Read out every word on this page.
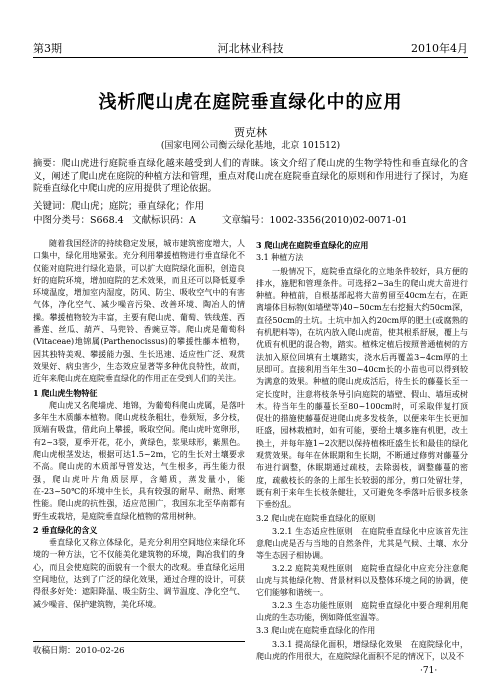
第3期	河北林业科技	2010年4月
浅析爬山虎在庭院垂直绿化中的应用
贾克林
(国家电网公司衡云绿化基地，北京 101512)
摘要：爬山虎进行庭院垂直绿化越来越受到人们的青睐。该文介绍了爬山虎的生物学特性和垂直绿化的含义，阐述了爬山虎在庭院的种植方法和管理，重点对爬山虎在庭院垂直绿化的原则和作用进行了探讨，为庭院垂直绿化中爬山虎的应用提供了理论依据。
关键词：爬山虎；庭院；垂直绿化；作用
中图分类号：S668.4 文献标识码：A	文章编号：1002-3356(2010)02-0071-01

随着我国经济的持续稳定发展，城市建筑密度增大，人口集中，绿化用地紧张。充分利用攀援植物进行垂直绿化不仅能对庭院进行绿化造景，可以扩大庭院绿化面积，创造良好的庭院环境，增加庭院的艺术效果，而且还可以降低夏季环境温度，增加室内湿度，防风、防尘、吸收空气中的有害气体，净化空气、减少噪音污染、改善环境、陶冶人的情操。攀援植物较为丰富，主要有爬山虎、葡萄、铁线莲、西番莲、丝瓜、葫芦、马兜铃、香豌豆等。爬山虎是葡萄科(Vitaceae)地锦属(Parthenocissus)的攀援性藤本植物，因其独特美观、攀援能力强、生长迅速、适应性广泛、观赏效果好、病虫害少，生态效应显著等多种优良特性，故而，近年来爬山虎在庭院垂直绿化的作用正在受到人们的关注。

1 爬山虎生物特征

爬山虎又名爬墙虎、地锦，为葡萄科爬山虎属，是落叶多年生木质藤本植物。爬山虎枝条粗壮，卷须短，多分枝，顶端有吸盘，借此向上攀援，吸取空间。爬山虎叶宽卵形，有2~3裂，夏季开花，花小，黄绿色，浆果球形，紫黑色。爬山虎根茎发达，根据可达1.5~2m，它的生长对土壤要求不高。爬山虎的木质部导管发达，气生根多，再生能力很强，爬山虎叶片角质层厚，含蜡质，蒸发量小，能在-23~50℃的环境中生长，具有较强的耐旱、耐热、耐寒性能。爬山虎的抗性强，适应范围广，我国东北至华南都有野生或栽培，是庭院垂直绿化植物的常用树种。

2 垂直绿化的含义

垂直绿化又称立体绿化，是充分利用空间地位来绿化环境的一种方法，它不仅能美化建筑物的环境，陶冶我们的身心，而且会使庭院的面貌有一个很大的改观。垂直绿化运用空间地位，达到了广泛的绿化效果，通过合理的设计，可获得很多好处：遮阳降温、吸尘防尘、调节温度、净化空气、减少噪音、保护建筑物，美化环境。

收稿日期：2010-02-26
3 爬山虎在庭院垂直绿化的应用
3.1 种植方法

一般情况下，庭院垂直绿化的立地条件较好，具方便的排水，施肥和管理条件。可选择2~3a生的爬山虎大苗进行种植。种植前，自根基部起将大苗剪留至40cm左右，在距离墙体目标物(如墙壁等)40~50cm左右挖掘大约50cm深，直径50cm的土坑。土坑中加入约20cm厚的肥土(或腐熟的有机肥料等)，在坑内放入爬山虎苗，使其根系舒展，覆上与优质有机肥的混合物，踏实。植株定植后按照普通植树的方法加入原位回填有土壤踏实，浇水后再覆盖3~4cm厚的土层即可。直接利用当年生30~40cm长的小苗也可以得到较为满意的效果。种植的爬山虎成活后，待生长的藤蔓长至一定长度时，注意将枝条导引向庭院的墙壁、假山、墙垣或树木。待当年生的藤蔓长至80~100cm时，可采取伴复打顶促壮的措施使藤蔓促进爬山虎多发枝条，以便来年生长更加旺盛，园林栽植时，如有可能，要给土壤多施有机肥，改土换土，并每年施1~2次肥以保持植株旺盛生长和最佳的绿化观赏效果。每年在休眠期和生长期，不断通过修剪对藤蔓分布进行调整，休眠期通过疏枝，去除弱枝，调整藤蔓的密度，疏截枝长的条的上部生长较弱的部分，剪口处留壮芽，既有利于来年生长枝条健壮，又可避免冬季落叶后很多枝条下垂纷乱。

3.2 爬山虎在庭院垂直绿化的原则

3.2.1 生态适应性原则　在庭院垂直绿化中应该首先注意爬山虎是否与当地的自然条件，尤其是气候、土壤、水分等生态因子相协调。

3.2.2 庭院美观性原则　庭院垂直绿化中应充分注意爬山虎与其他绿化物、背景材料以及整体环境之间的协调，使它们能够和谐统一。

3.2.3 生态功能性原则　庭院垂直绿化中要合理利用爬山虎的生态功能，例如降低室温等。

3.3 爬山虎在庭院垂直绿化的作用

3.3.1 提高绿化面积，增绿绿化效果　在庭院绿化中，爬山虎的作用很大，在庭院绿化面积不足的情况下，以及不

·71·
